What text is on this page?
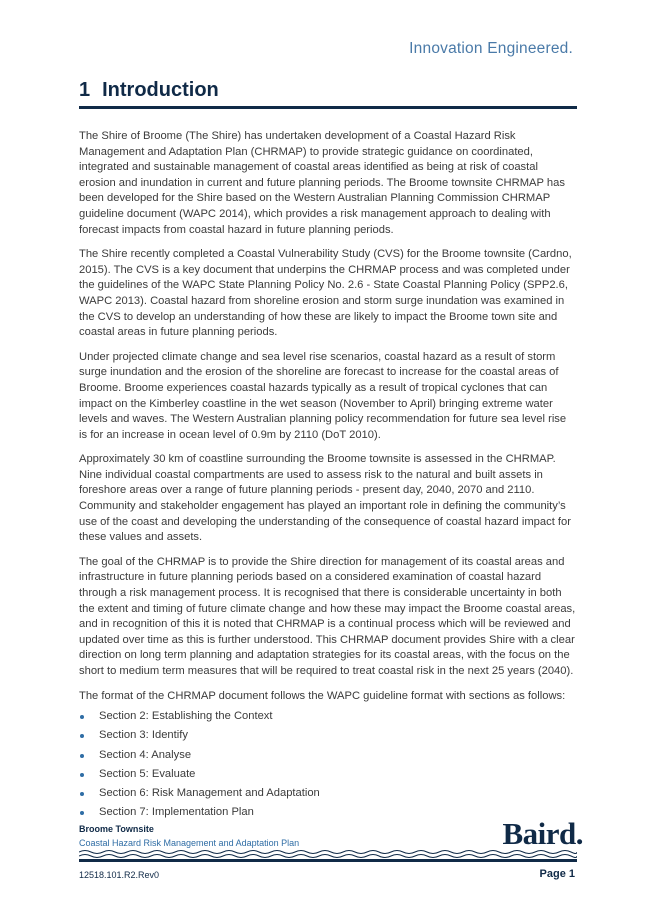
Innovation Engineered.
1 Introduction

The Shire of Broome (The Shire) has undertaken development of a Coastal Hazard Risk Management and Adaptation Plan (CHRMAP) to provide strategic guidance on coordinated, integrated and sustainable management of coastal areas identified as being at risk of coastal erosion and inundation in current and future planning periods. The Broome townsite CHRMAP has been developed for the Shire based on the Western Australian Planning Commission CHRMAP guideline document (WAPC 2014), which provides a risk management approach to dealing with forecast impacts from coastal hazard in future planning periods.

The Shire recently completed a Coastal Vulnerability Study (CVS) for the Broome townsite (Cardno, 2015). The CVS is a key document that underpins the CHRMAP process and was completed under the guidelines of the WAPC State Planning Policy No. 2.6 - State Coastal Planning Policy (SPP2.6, WAPC 2013). Coastal hazard from shoreline erosion and storm surge inundation was examined in the CVS to develop an understanding of how these are likely to impact the Broome town site and coastal areas in future planning periods.

Under projected climate change and sea level rise scenarios, coastal hazard as a result of storm surge inundation and the erosion of the shoreline are forecast to increase for the coastal areas of Broome. Broome experiences coastal hazards typically as a result of tropical cyclones that can impact on the Kimberley coastline in the wet season (November to April) bringing extreme water levels and waves. The Western Australian planning policy recommendation for future sea level rise is for an increase in ocean level of 0.9m by 2110 (DoT 2010).

Approximately 30 km of coastline surrounding the Broome townsite is assessed in the CHRMAP. Nine individual coastal compartments are used to assess risk to the natural and built assets in foreshore areas over a range of future planning periods - present day, 2040, 2070 and 2110. Community and stakeholder engagement has played an important role in defining the community’s use of the coast and developing the understanding of the consequence of coastal hazard impact for these values and assets.

The goal of the CHRMAP is to provide the Shire direction for management of its coastal areas and infrastructure in future planning periods based on a considered examination of coastal hazard through a risk management process. It is recognised that there is considerable uncertainty in both the extent and timing of future climate change and how these may impact the Broome coastal areas, and in recognition of this it is noted that CHRMAP is a continual process which will be reviewed and updated over time as this is further understood. This CHRMAP document provides Shire with a clear direction on long term planning and adaptation strategies for its coastal areas, with the focus on the short to medium term measures that will be required to treat coastal risk in the next 25 years (2040).

The format of the CHRMAP document follows the WAPC guideline format with sections as follows:

Section 2: Establishing the Context
Section 3: Identify
Section 4: Analyse
Section 5: Evaluate
Section 6: Risk Management and Adaptation
Section 7: Implementation Plan
Broome Townsite
Coastal Hazard Risk Management and Adaptation Plan	Baird.
12518.101.R2.Rev0	Page 1
